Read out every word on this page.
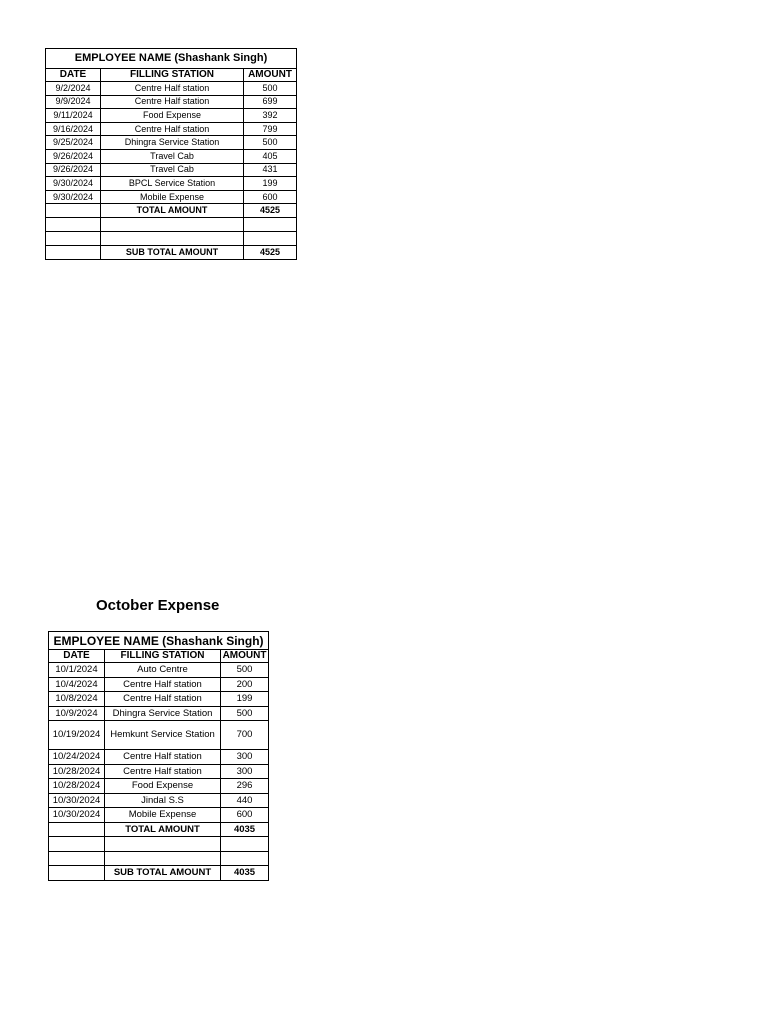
EMPLOYEE NAME (Shashank Singh)		
DATE	FILLING STATION	AMOUNT
9/2/2024	Centre Half station	500
9/9/2024	Centre Half station	699
9/11/2024	Food Expense	392
9/16/2024	Centre Half station	799
9/25/2024	Dhingra Service Station	500
9/26/2024	Travel Cab	405
9/26/2024	Travel Cab	431
9/30/2024	BPCL Service Station	199
9/30/2024	Mobile Expense	600
	TOTAL AMOUNT	4525

	SUB TOTAL AMOUNT	4525
October Expense
EMPLOYEE NAME (Shashank Singh)		
DATE	FILLING STATION	AMOUNT
10/1/2024	Auto Centre	500
10/4/2024	Centre Half station	200
10/8/2024	Centre Half station	199
10/9/2024	Dhingra Service Station	500
10/19/2024	Hemkunt Service Station	700
10/24/2024	Centre Half station	300
10/28/2024	Centre Half station	300
10/28/2024	Food Expense	296
10/30/2024	Jindal S.S	440
10/30/2024	Mobile Expense	600
	TOTAL AMOUNT	4035

	SUB TOTAL AMOUNT	4035
